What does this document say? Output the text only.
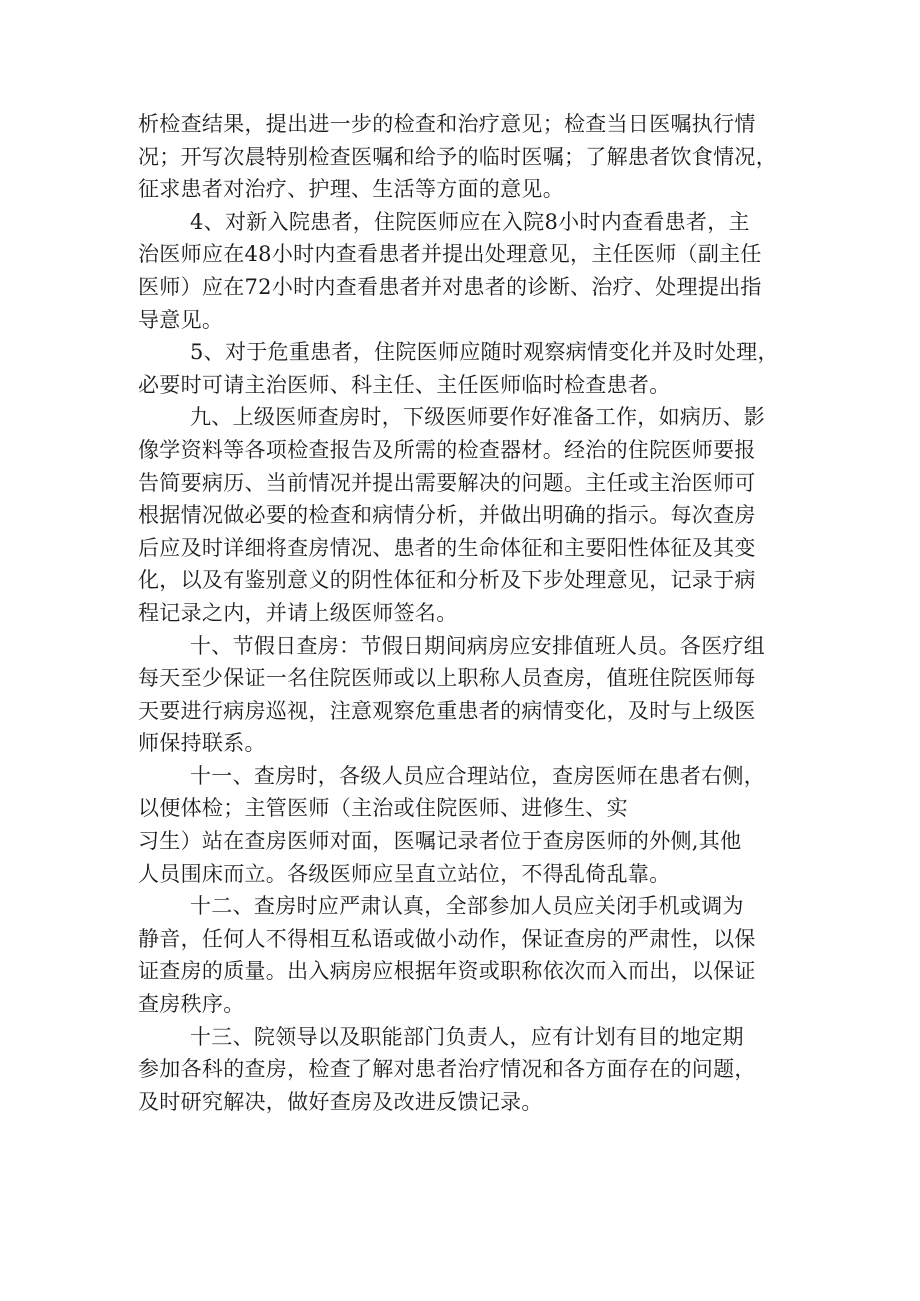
析检查结果，提出进一步的检查和治疗意见；检查当日医嘱执行情
况；开写次晨特别检查医嘱和给予的临时医嘱；了解患者饮食情况，
征求患者对治疗、护理、生活等方面的意见。
4、对新入院患者，住院医师应在入院8小时内查看患者，主
治医师应在48小时内查看患者并提出处理意见，主任医师（副主任
医师）应在72小时内查看患者并对患者的诊断、治疗、处理提出指
导意见。
5、对于危重患者，住院医师应随时观察病情变化并及时处理，
必要时可请主治医师、科主任、主任医师临时检查患者。
九、上级医师查房时，下级医师要作好准备工作，如病历、影
像学资料等各项检查报告及所需的检查器材。经治的住院医师要报
告简要病历、当前情况并提出需要解决的问题。主任或主治医师可
根据情况做必要的检查和病情分析，并做出明确的指示。每次查房
后应及时详细将查房情况、患者的生命体征和主要阳性体征及其变
化，以及有鉴别意义的阴性体征和分析及下步处理意见，记录于病
程记录之内，并请上级医师签名。
十、节假日查房：节假日期间病房应安排值班人员。各医疗组
每天至少保证一名住院医师或以上职称人员查房，值班住院医师每
天要进行病房巡视，注意观察危重患者的病情变化，及时与上级医
师保持联系。
十一、查房时，各级人员应合理站位，查房医师在患者右侧，
以便体检；主管医师（主治或住院医师、进修生、实
习生）站在查房医师对面，医嘱记录者位于查房医师的外侧,其他
人员围床而立。各级医师应呈直立站位，不得乱倚乱靠。
十二、查房时应严肃认真，全部参加人员应关闭手机或调为
静音，任何人不得相互私语或做小动作，保证查房的严肃性，以保
证查房的质量。出入病房应根据年资或职称依次而入而出，以保证
查房秩序。
十三、院领导以及职能部门负责人，应有计划有目的地定期
参加各科的查房，检查了解对患者治疗情况和各方面存在的问题，
及时研究解决，做好查房及改进反馈记录。
